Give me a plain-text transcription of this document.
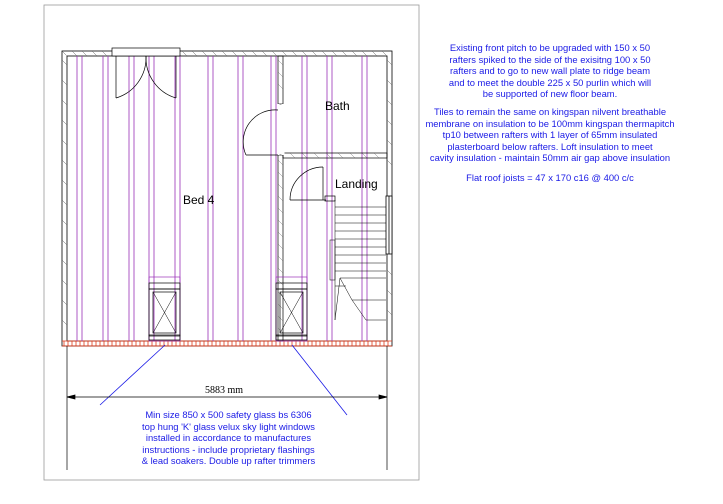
Bed 4
Bath
Landing
5883 mm
Existing front pitch to be upgraded with 150 x 50
rafters spiked to the side of the exisitng 100 x 50
rafters and to go to new wall plate to ridge beam
and to meet the double 225 x 50 purlin which will
be supported of new floor beam.
Tiles to remain the same on kingspan nilvent breathable
membrane on insulation to be 100mm kingspan thermapitch
tp10 between rafters with 1 layer of 65mm insulated
plasterboard below rafters. Loft insulation to meet
cavity insulation - maintain 50mm air gap above insulation
Flat roof joists = 47 x 170 c16 @ 400 c/c
Min size 850 x 500 safety glass bs 6306
top hung 'K' glass velux sky light windows
installed in accordance to manufactures
instructions - include proprietary flashings
& lead soakers. Double up rafter trimmers
